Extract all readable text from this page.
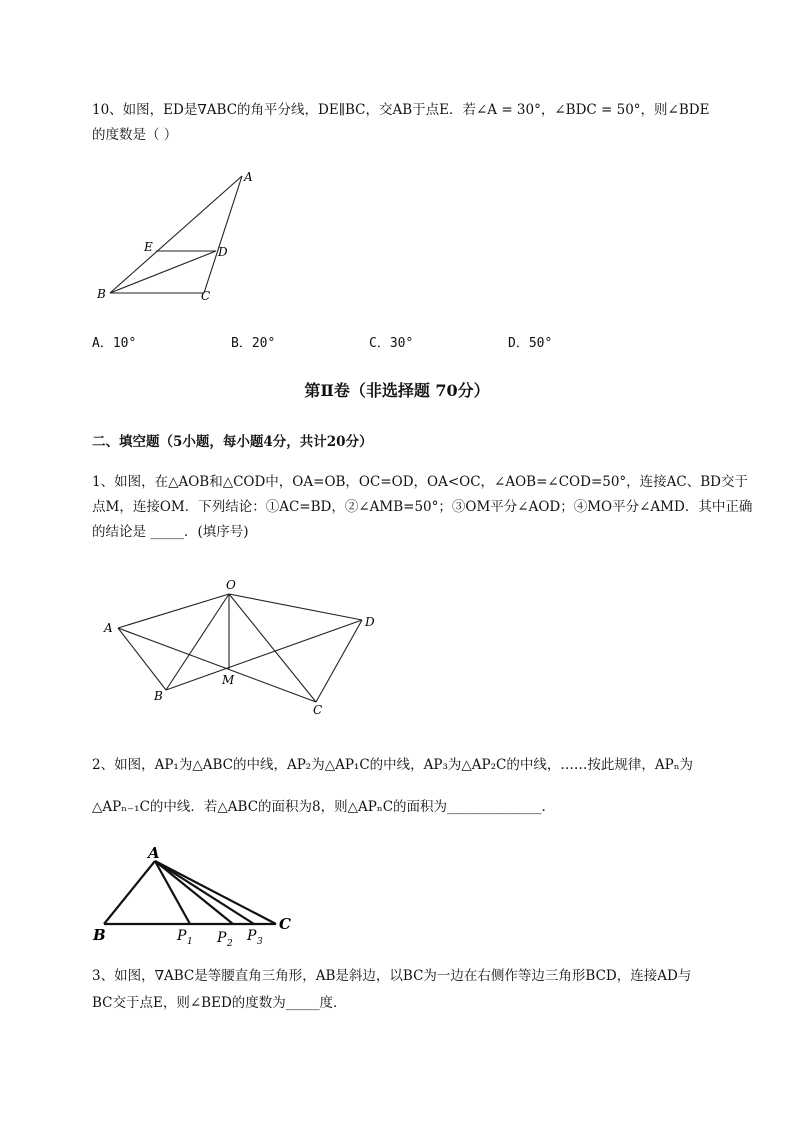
10、如图，ED是∇ABC的角平分线，DE∥BC，交AB于点E．若∠A = 30°，∠BDC = 50°，则∠BDE
的度数是（ ）
A
E	D
B	C
A．10°	B．20°	C．30°	D．50°
第Ⅱ卷（非选择题 70分）
二、填空题（5小题，每小题4分，共计20分）
1、如图，在△AOB和△COD中，OA=OB，OC=OD，OA<OC，∠AOB=∠COD=50°，连接AC、BD交于
点M，连接OM．下列结论：①AC=BD，②∠AMB=50°；③OM平分∠AOD；④MO平分∠AMD．其中正确
的结论是 _____．(填序号)
O
A	D
M
B
C
2、如图，AP₁为△ABC的中线，AP₂为△AP₁C的中线，AP₃为△AP₂C的中线，……按此规律，APₙ为
△APₙ₋₁C的中线．若△ABC的面积为8，则△APₙC的面积为______________.
A
B
C
P 1 P 2 P 3
3、如图，∇ABC是等腰直角三角形，AB是斜边，以BC为一边在右侧作等边三角形BCD，连接AD与
BC交于点E，则∠BED的度数为_____度．
